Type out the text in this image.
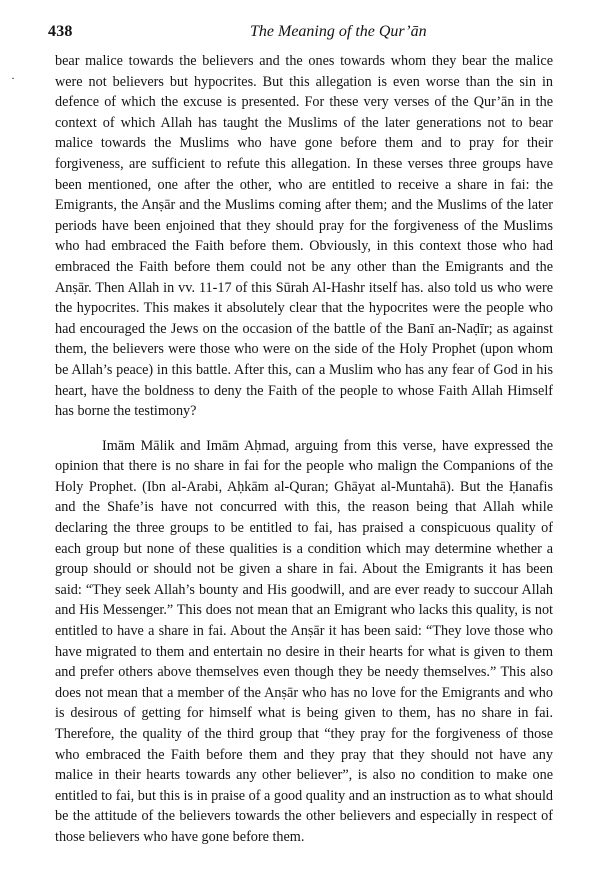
438	The Meaning of the Qur’ān
·

bear malice towards the believers and the ones towards whom they bear the malice were not believers but hypocrites. But this allegation is even worse than the sin in defence of which the excuse is presented. For these very verses of the Qur’ān in the context of which Allah has taught the Muslims of the later generations not to bear malice towards the Muslims who have gone before them and to pray for their forgiveness, are sufficient to refute this allegation. In these verses three groups have been mentioned, one after the other, who are entitled to receive a share in fai: the Emigrants, the Anṣār and the Muslims coming after them; and the Muslims of the later periods have been enjoined that they should pray for the forgiveness of the Muslims who had embraced the Faith before them. Obviously, in this context those who had embraced the Faith before them could not be any other than the Emigrants and the Anṣār. Then Allah in vv. 11-17 of this Sūrah Al-Hashr itself has. also told us who were the hypocrites. This makes it absolutely clear that the hypocrites were the people who had encouraged the Jews on the occasion of the battle of the Banī an-Naḍīr; as against them, the believers were those who were on the side of the Holy Prophet (upon whom be Allah’s peace) in this battle. After this, can a Muslim who has any fear of God in his heart, have the boldness to deny the Faith of the people to whose Faith Allah Himself has borne the testimony?

Imām Mālik and Imām Aḥmad, arguing from this verse, have expressed the opinion that there is no share in fai for the people who malign the Companions of the Holy Prophet. (Ibn al-Arabi, Aḥkām al-Quran; Ghāyat al-Muntahā). But the Ḥanafis and the Shafe’is have not concurred with this, the reason being that Allah while declaring the three groups to be entitled to fai, has praised a conspicuous quality of each group but none of these qualities is a condition which may determine whether a group should or should not be given a share in fai. About the Emigrants it has been said: “They seek Allah’s bounty and His goodwill, and are ever ready to succour Allah and His Messenger.” This does not mean that an Emigrant who lacks this quality, is not entitled to have a share in fai. About the Anṣār it has been said: “They love those who have migrated to them and entertain no desire in their hearts for what is given to them and prefer others above themselves even though they be needy themselves.” This also does not mean that a member of the Anṣār who has no love for the Emigrants and who is desirous of getting for himself what is being given to them, has no share in fai. Therefore, the quality of the third group that “they pray for the forgiveness of those who embraced the Faith before them and they pray that they should not have any malice in their hearts towards any other believer”, is also no condition to make one entitled to fai, but this is in praise of a good quality and an instruction as to what should be the attitude of the believers towards the other believers and especially in respect of those believers who have gone before them.
